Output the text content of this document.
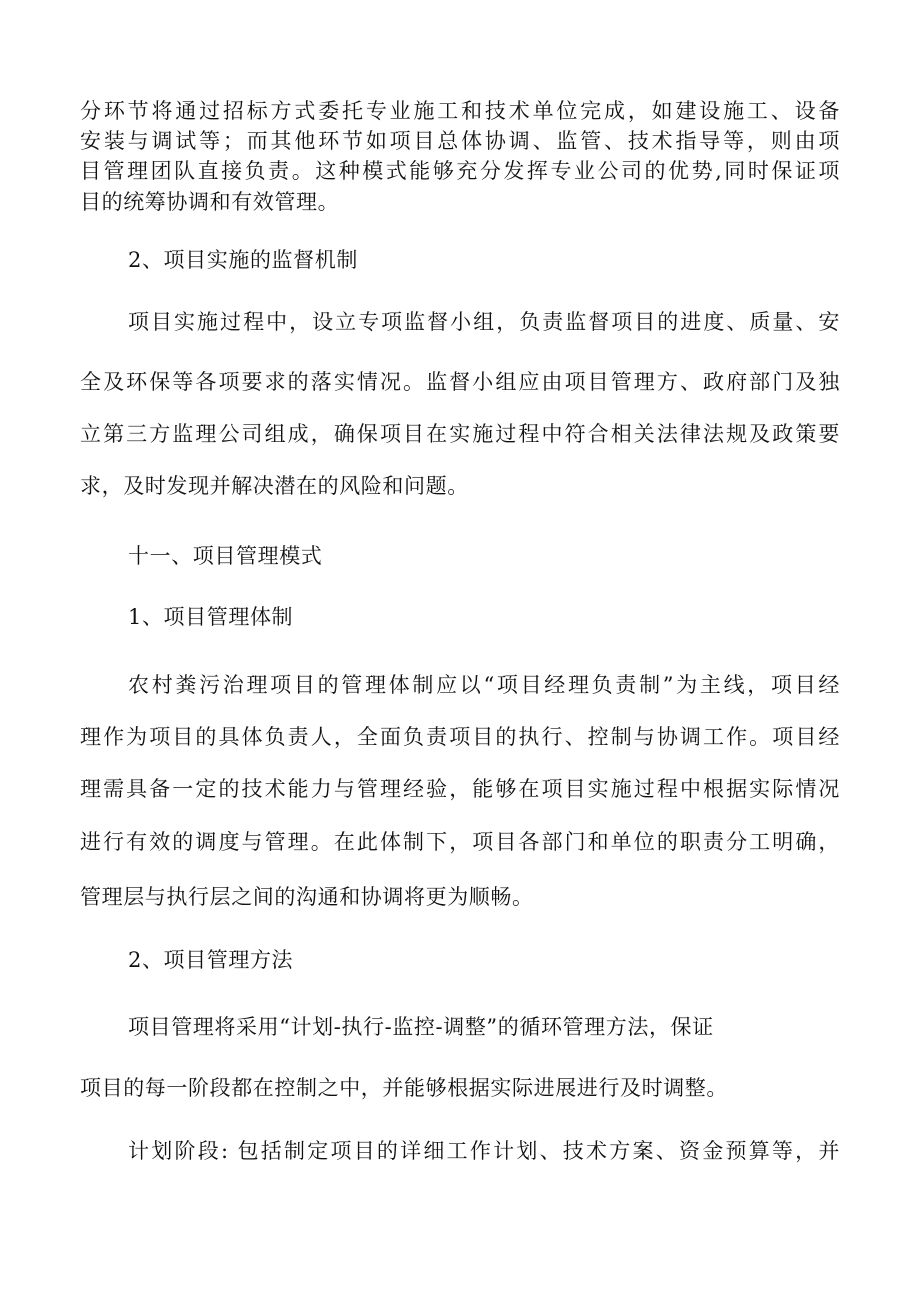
分环节将通过招标方式委托专业施工和技术单位完成，如建设施工、设备
安装与调试等；而其他环节如项目总体协调、监管、技术指导等，则由项
目管理团队直接负责。这种模式能够充分发挥专业公司的优势,同时保证项
目的统筹协调和有效管理。
2、项目实施的监督机制
项目实施过程中，设立专项监督小组，负责监督项目的进度、质量、安
全及环保等各项要求的落实情况。监督小组应由项目管理方、政府部门及独
立第三方监理公司组成，确保项目在实施过程中符合相关法律法规及政策要
求，及时发现并解决潜在的风险和问题。
十一、项目管理模式
1、项目管理体制
农村粪污治理项目的管理体制应以“项目经理负责制”为主线，项目经
理作为项目的具体负责人，全面负责项目的执行、控制与协调工作。项目经
理需具备一定的技术能力与管理经验，能够在项目实施过程中根据实际情况
进行有效的调度与管理。在此体制下，项目各部门和单位的职责分工明确，
管理层与执行层之间的沟通和协调将更为顺畅。
2、项目管理方法
项目管理将采用“计划-执行-监控-调整”的循环管理方法，保证
项目的每一阶段都在控制之中，并能够根据实际进展进行及时调整。
计划阶段: 包括制定项目的详细工作计划、技术方案、资金预算等，并
